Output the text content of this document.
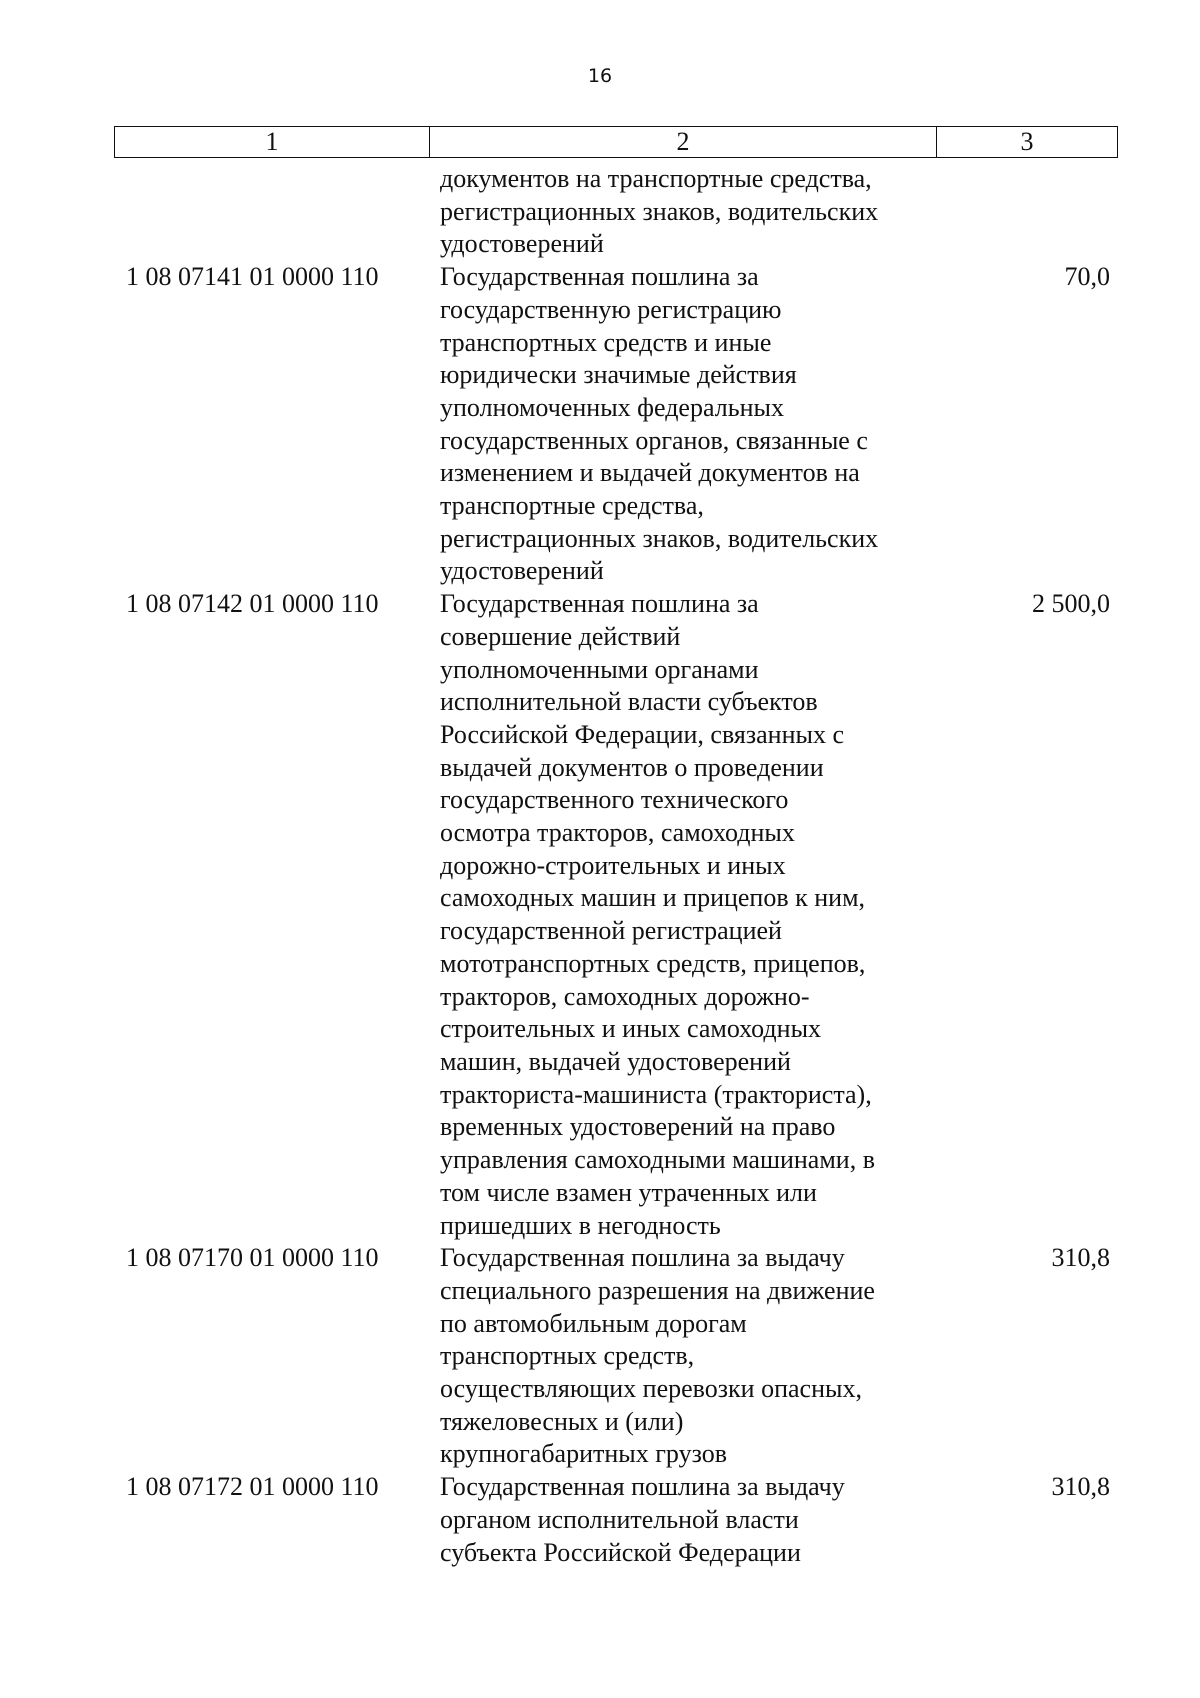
16
1	2	3
документов на транспортные средства,
регистрационных знаков, водительских
удостоверений
1 08 07141 01 0000 110	Государственная пошлина за
государственную регистрацию
транспортных средств и иные
юридически значимые действия
уполномоченных федеральных
государственных органов, связанные с
изменением и выдачей документов на
транспортные средства,
регистрационных знаков, водительских
удостоверений
70,0
1 08 07142 01 0000 110	Государственная пошлина за
совершение действий
уполномоченными органами
исполнительной власти субъектов
Российской Федерации, связанных с
выдачей документов о проведении
государственного технического
осмотра тракторов, самоходных
дорожно-строительных и иных
самоходных машин и прицепов к ним,
государственной регистрацией
мототранспортных средств, прицепов,
тракторов, самоходных дорожно-
строительных и иных самоходных
машин, выдачей удостоверений
тракториста-машиниста (тракториста),
временных удостоверений на право
управления самоходными машинами, в
том числе взамен утраченных или
пришедших в негодность
2 500,0
1 08 07170 01 0000 110	Государственная пошлина за выдачу
специального разрешения на движение
по автомобильным дорогам
транспортных средств,
осуществляющих перевозки опасных,
тяжеловесных и (или)
крупногабаритных грузов
310,8
1 08 07172 01 0000 110	Государственная пошлина за выдачу
органом исполнительной власти
субъекта Российской Федерации
310,8
